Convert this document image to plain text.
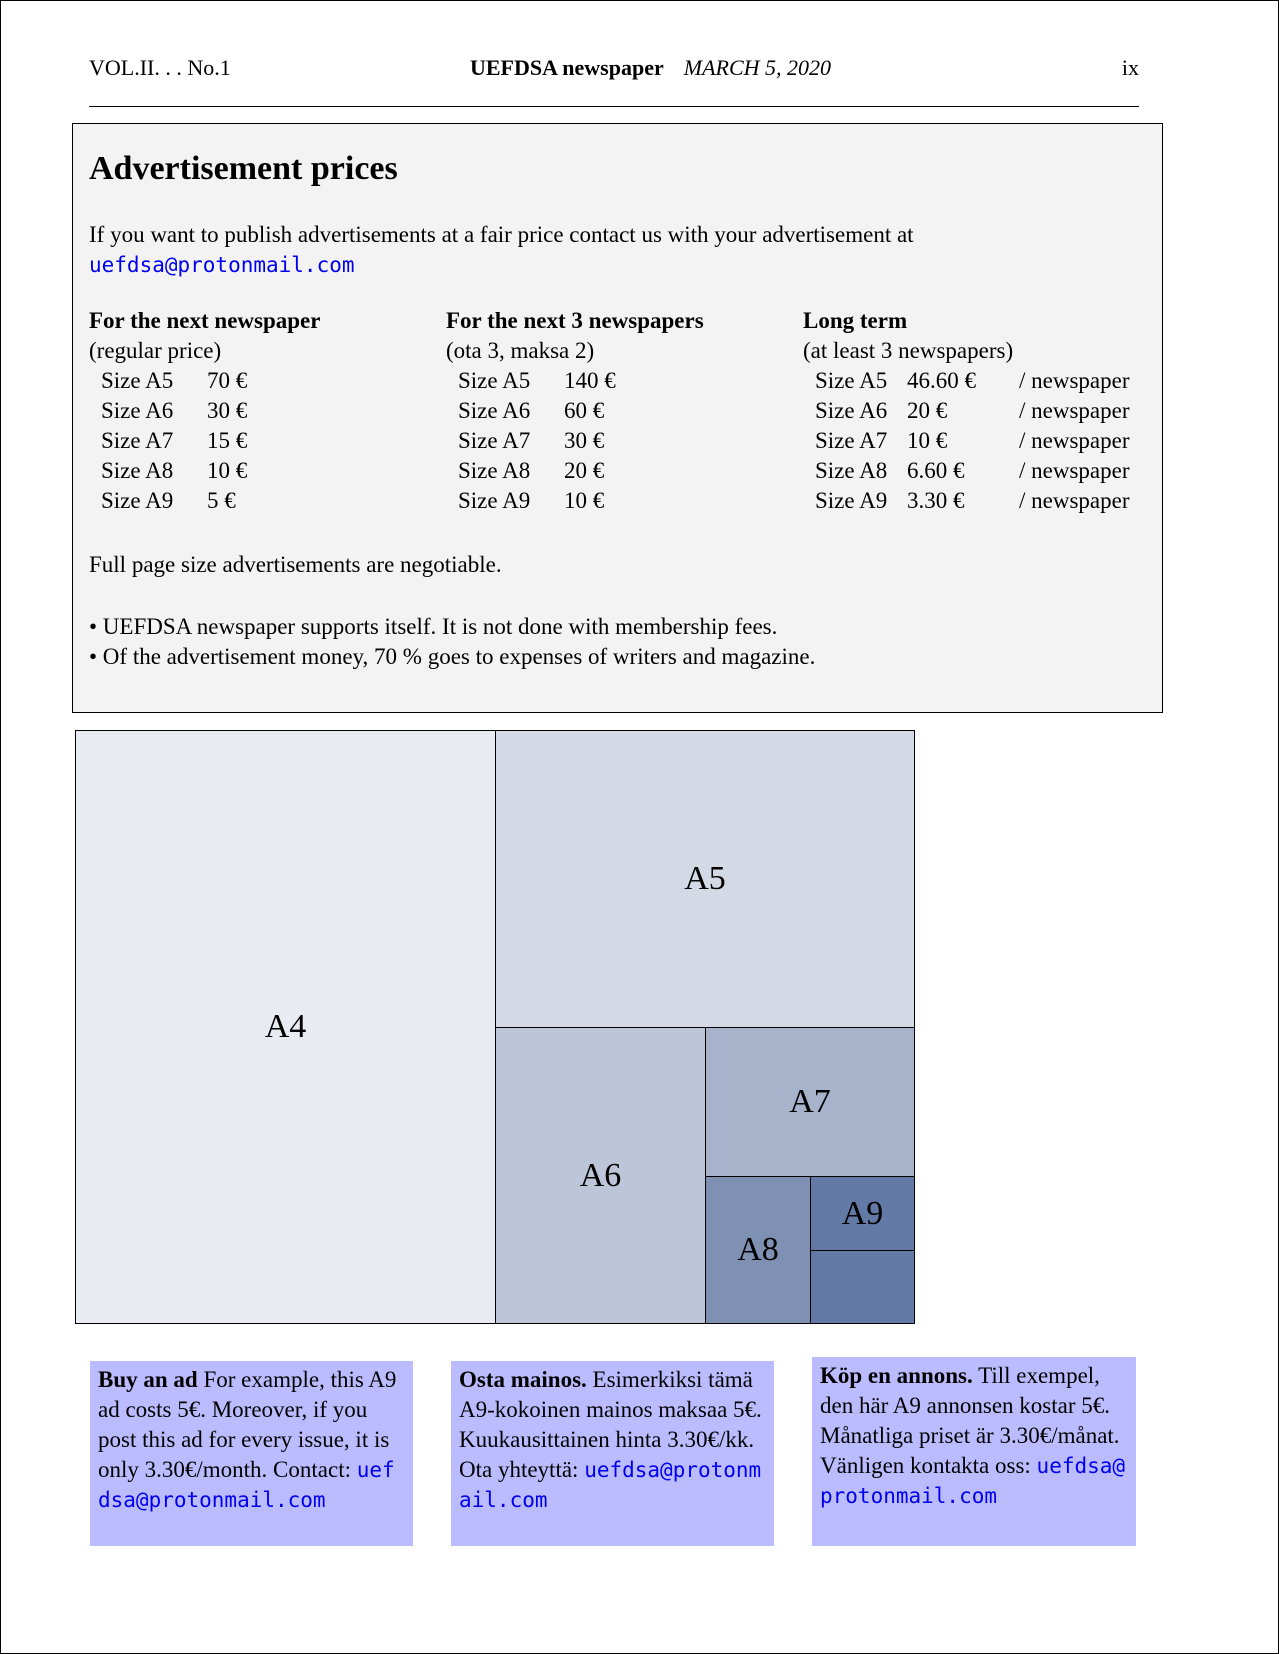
VOL.II. . . No.1	UEFDSA newspaper MARCH 5, 2020	ix
Advertisement prices
If you want to publish advertisements at a fair price contact us with your advertisement at uefdsa@protonmail.com
For the next newspaper
(regular price)
Size A5 70 €
Size A6 30 €
Size A7 15 €
Size A8 10 €
Size A9 5 €
For the next 3 newspapers
(ota 3, maksa 2)
Size A5 140 €
Size A6 60 €
Size A7 30 €
Size A8 20 €
Size A9 10 €
Long term
(at least 3 newspapers)
Size A5 46.60 € / newspaper
Size A6 20 €	/ newspaper
Size A7 10 €	/ newspaper
Size A8 6.60 € / newspaper
Size A9 3.30 € / newspaper
Full page size advertisements are negotiable.
• UEFDSA newspaper supports itself. It is not done with membership fees.
• Of the advertisement money, 70 % goes to expenses of writers and magazine.
A4
A5
A6
A7
A8
A9
Buy an ad For example, this A9 ad costs 5€. Moreover, if you post this ad for every issue, it is only 3.30€/month. Contact: uefdsa@protonmail.com
Osta mainos. Esimerkiksi tämä A9-kokoinen mainos maksaa 5€. Kuukausittainen hinta 3.30€/kk. Ota yhteyttä: uefdsa@protonmail.com
Köp en annons. Till exempel, den här A9 annonsen kostar 5€. Månatliga priset är 3.30€/månat. Vänligen kontakta oss: uefdsa@protonmail.com
